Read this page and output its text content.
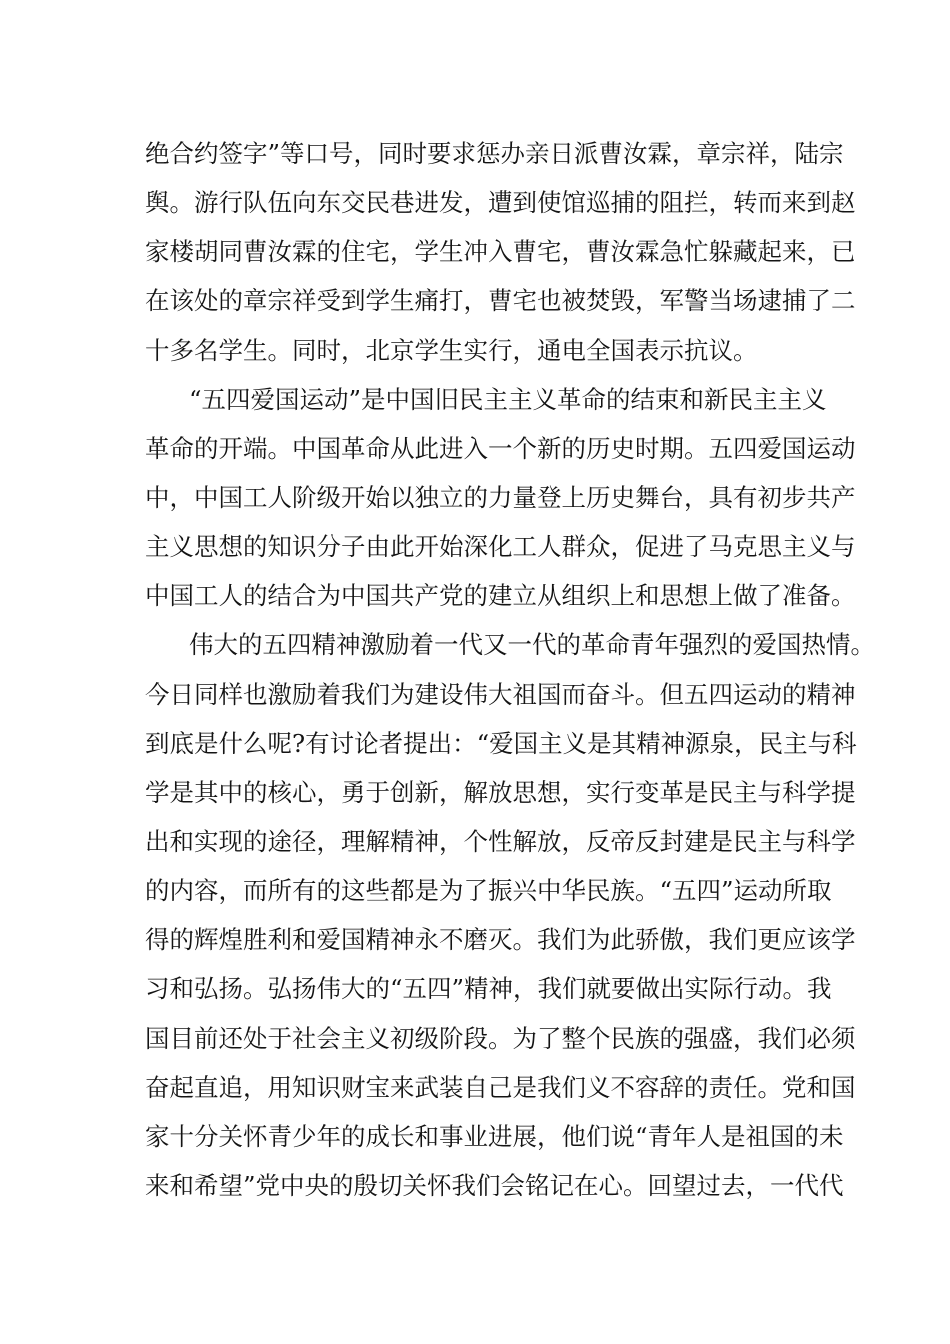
绝合约签字”等口号，同时要求惩办亲日派曹汝霖，章宗祥，陆宗
舆。游行队伍向东交民巷进发，遭到使馆巡捕的阻拦，转而来到赵
家楼胡同曹汝霖的住宅，学生冲入曹宅，曹汝霖急忙躲藏起来，已
在该处的章宗祥受到学生痛打，曹宅也被焚毁，军警当场逮捕了二
十多名学生。同时，北京学生实行，通电全国表示抗议。
“五四爱国运动”是中国旧民主主义革命的结束和新民主主义
革命的开端。中国革命从此进入一个新的历史时期。五四爱国运动
中，中国工人阶级开始以独立的力量登上历史舞台，具有初步共产
主义思想的知识分子由此开始深化工人群众，促进了马克思主义与
中国工人的结合为中国共产党的建立从组织上和思想上做了准备。
伟大的五四精神激励着一代又一代的革命青年强烈的爱国热情。
今日同样也激励着我们为建设伟大祖国而奋斗。但五四运动的精神
到底是什么呢?有讨论者提出：“爱国主义是其精神源泉，民主与科
学是其中的核心，勇于创新，解放思想，实行变革是民主与科学提
出和实现的途径，理解精神，个性解放，反帝反封建是民主与科学
的内容，而所有的这些都是为了振兴中华民族。“五四”运动所取
得的辉煌胜利和爱国精神永不磨灭。我们为此骄傲，我们更应该学
习和弘扬。弘扬伟大的“五四”精神，我们就要做出实际行动。我
国目前还处于社会主义初级阶段。为了整个民族的强盛，我们必须
奋起直追，用知识财宝来武装自己是我们义不容辞的责任。党和国
家十分关怀青少年的成长和事业进展，他们说“青年人是祖国的未
来和希望”党中央的殷切关怀我们会铭记在心。回望过去，一代代
